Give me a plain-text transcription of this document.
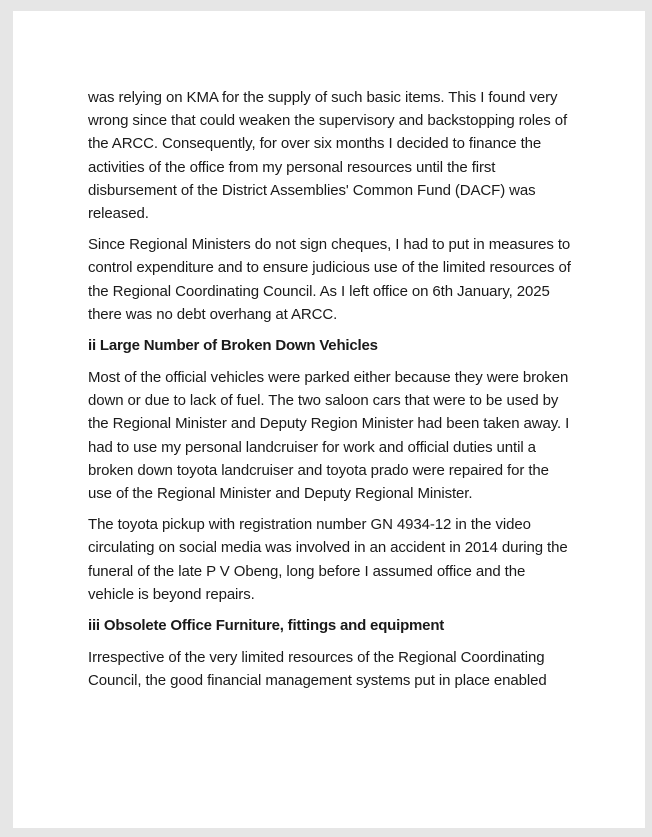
was relying on KMA for the supply of such basic items. This I found very wrong since that could weaken the supervisory and backstopping roles of the ARCC. Consequently, for over six months I decided to finance the activities of the office from my personal resources until the first disbursement of the District Assemblies' Common Fund (DACF) was released.

Since Regional Ministers do not sign cheques, I had to put in measures to control expenditure and to ensure judicious use of the limited resources of the Regional Coordinating Council. As I left office on 6th January, 2025 there was no debt overhang at ARCC.

ii Large Number of Broken Down Vehicles

Most of the official vehicles were parked either because they were broken down or due to lack of fuel. The two saloon cars that were to be used by the Regional Minister and Deputy Region Minister had been taken away. I had to use my personal landcruiser for work and official duties until a broken down toyota landcruiser and toyota prado were repaired for the use of the Regional Minister and Deputy Regional Minister.

The toyota pickup with registration number GN 4934-12 in the video circulating on social media was involved in an accident in 2014 during the funeral of the late P V Obeng, long before I assumed office and the vehicle is beyond repairs.

iii Obsolete Office Furniture, fittings and equipment

Irrespective of the very limited resources of the Regional Coordinating Council, the good financial management systems put in place enabled
